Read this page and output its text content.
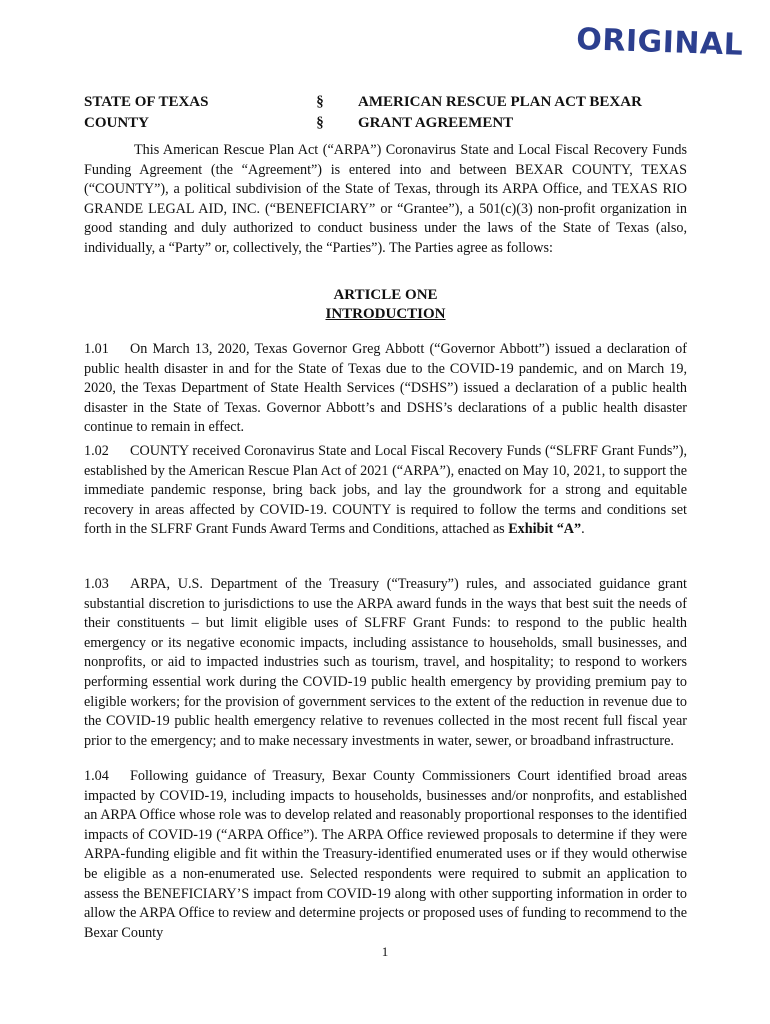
ORIGINAL
STATE OF TEXAS
COUNTY
§
§
AMERICAN RESCUE PLAN ACT BEXAR
GRANT AGREEMENT

This American Rescue Plan Act (“ARPA”) Coronavirus State and Local Fiscal Recovery Funds Funding Agreement (the “Agreement”) is entered into and between BEXAR COUNTY, TEXAS (“COUNTY”), a political subdivision of the State of Texas, through its ARPA Office, and TEXAS RIO GRANDE LEGAL AID, INC. (“BENEFICIARY” or “Grantee”), a 501(c)(3) non-profit organization in good standing and duly authorized to conduct business under the laws of the State of Texas (also, individually, a “Party” or, collectively, the “Parties”). The Parties agree as follows:

ARTICLE ONE
INTRODUCTION

1.01 On March 13, 2020, Texas Governor Greg Abbott (“Governor Abbott”) issued a declaration of public health disaster in and for the State of Texas due to the COVID-19 pandemic, and on March 19, 2020, the Texas Department of State Health Services (“DSHS”) issued a declaration of a public health disaster in the State of Texas. Governor Abbott’s and DSHS’s declarations of a public health disaster continue to remain in effect.

1.02 COUNTY received Coronavirus State and Local Fiscal Recovery Funds (“SLFRF Grant Funds”), established by the American Rescue Plan Act of 2021 (“ARPA”), enacted on May 10, 2021, to support the immediate pandemic response, bring back jobs, and lay the groundwork for a strong and equitable recovery in areas affected by COVID-19. COUNTY is required to follow the terms and conditions set forth in the SLFRF Grant Funds Award Terms and Conditions, attached as Exhibit “A”.

1.03 ARPA, U.S. Department of the Treasury (“Treasury”) rules, and associated guidance grant substantial discretion to jurisdictions to use the ARPA award funds in the ways that best suit the needs of their constituents – but limit eligible uses of SLFRF Grant Funds: to respond to the public health emergency or its negative economic impacts, including assistance to households, small businesses, and nonprofits, or aid to impacted industries such as tourism, travel, and hospitality; to respond to workers performing essential work during the COVID-19 public health emergency by providing premium pay to eligible workers; for the provision of government services to the extent of the reduction in revenue due to the COVID-19 public health emergency relative to revenues collected in the most recent full fiscal year prior to the emergency; and to make necessary investments in water, sewer, or broadband infrastructure.

1.04 Following guidance of Treasury, Bexar County Commissioners Court identified broad areas impacted by COVID-19, including impacts to households, businesses and/or nonprofits, and established an ARPA Office whose role was to develop related and reasonably proportional responses to the identified impacts of COVID-19 (“ARPA Office”). The ARPA Office reviewed proposals to determine if they were ARPA-funding eligible and fit within the Treasury-identified enumerated uses or if they would otherwise be eligible as a non-enumerated use. Selected respondents were required to submit an application to assess the BENEFICIARY’S impact from COVID-19 along with other supporting information in order to allow the ARPA Office to review and determine projects or proposed uses of funding to recommend to the Bexar County

1
